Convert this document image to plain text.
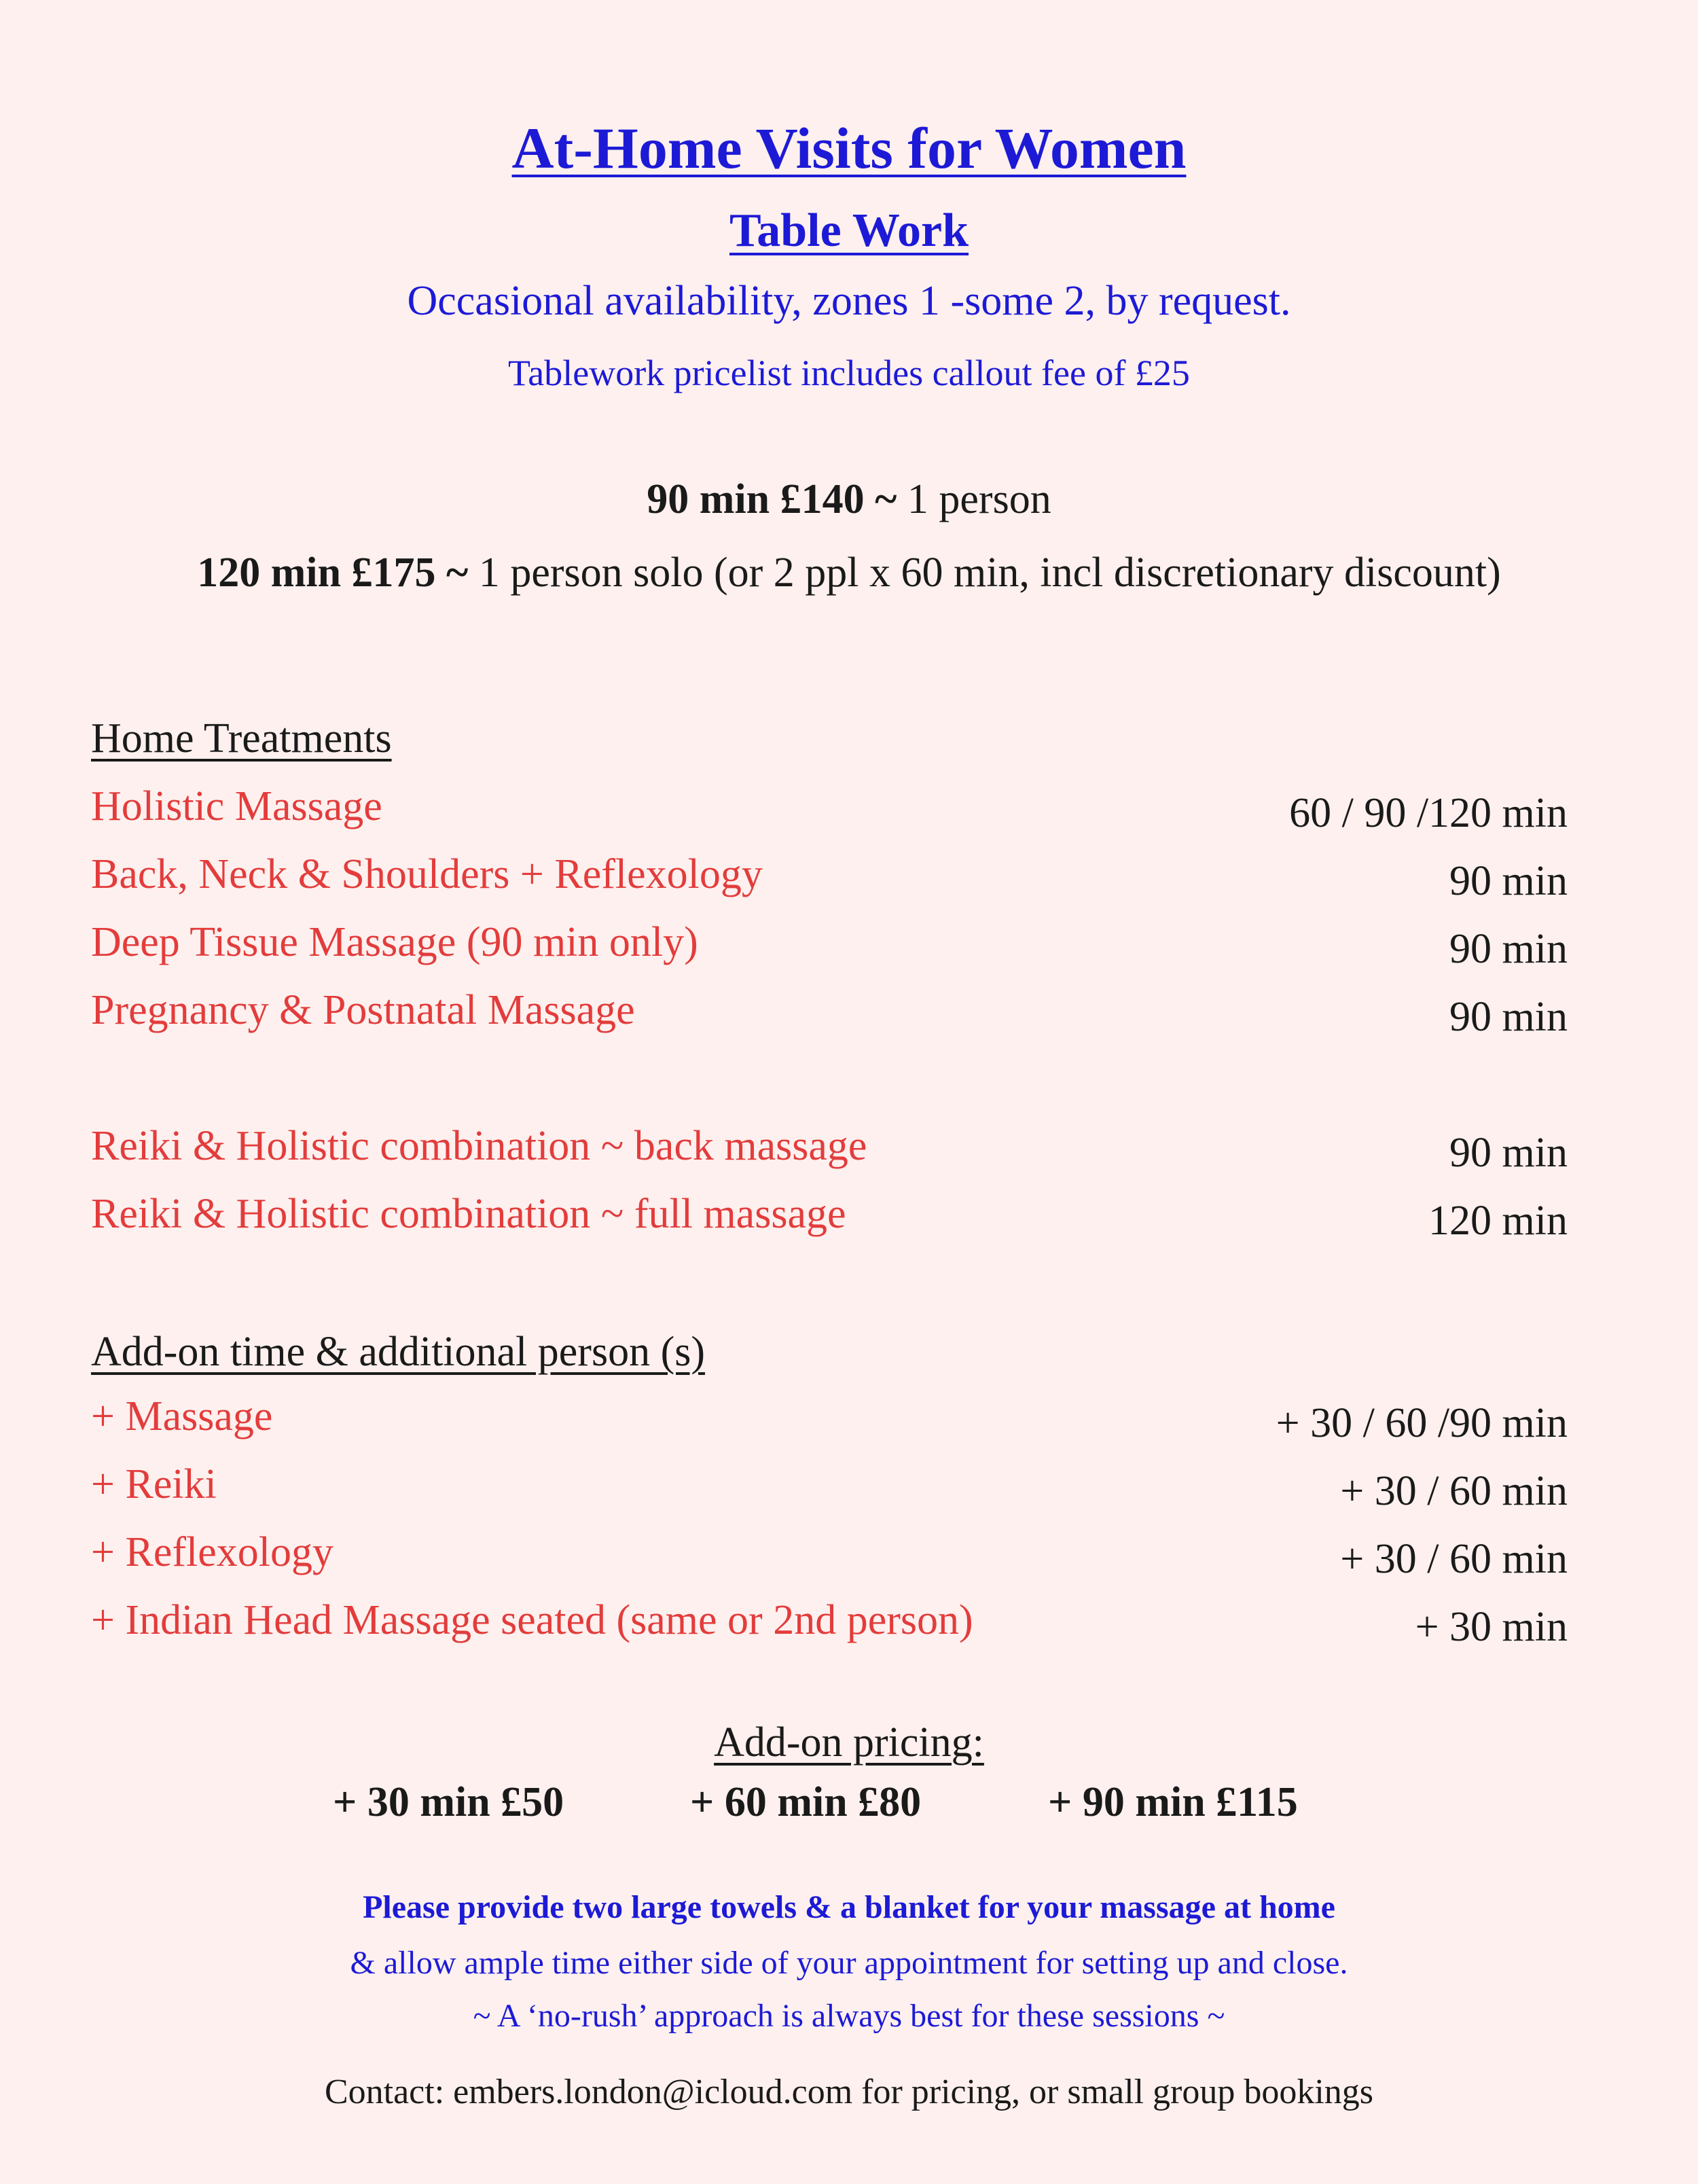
At-Home Visits for Women
Table Work
Occasional availability, zones 1 -some 2, by request.
Tablework pricelist includes callout fee of £25
90 min £140 ~ 1 person
120 min £175 ~ 1 person solo (or 2 ppl x 60 min, incl discretionary discount)
Home Treatments
Holistic Massage	60 / 90 /120 min
Back, Neck & Shoulders + Reflexology	90 min
Deep Tissue Massage (90 min only)	90 min
Pregnancy & Postnatal Massage	90 min
Reiki & Holistic combination ~ back massage	90 min
Reiki & Holistic combination ~ full massage	120 min
Add-on time & additional person (s)
+ Massage	+ 30 / 60 /90 min
+ Reiki	+ 30 / 60 min
+ Reflexology	+ 30 / 60 min
+ Indian Head Massage seated (same or 2nd person)	+ 30 min
Add-on pricing:
+ 30 min £50	+ 60 min £80	+ 90 min £115
Please provide two large towels & a blanket for your massage at home
& allow ample time either side of your appointment for setting up and close.
~ A ‘no-rush’ approach is always best for these sessions ~
Contact: embers.london@icloud.com for pricing, or small group bookings
